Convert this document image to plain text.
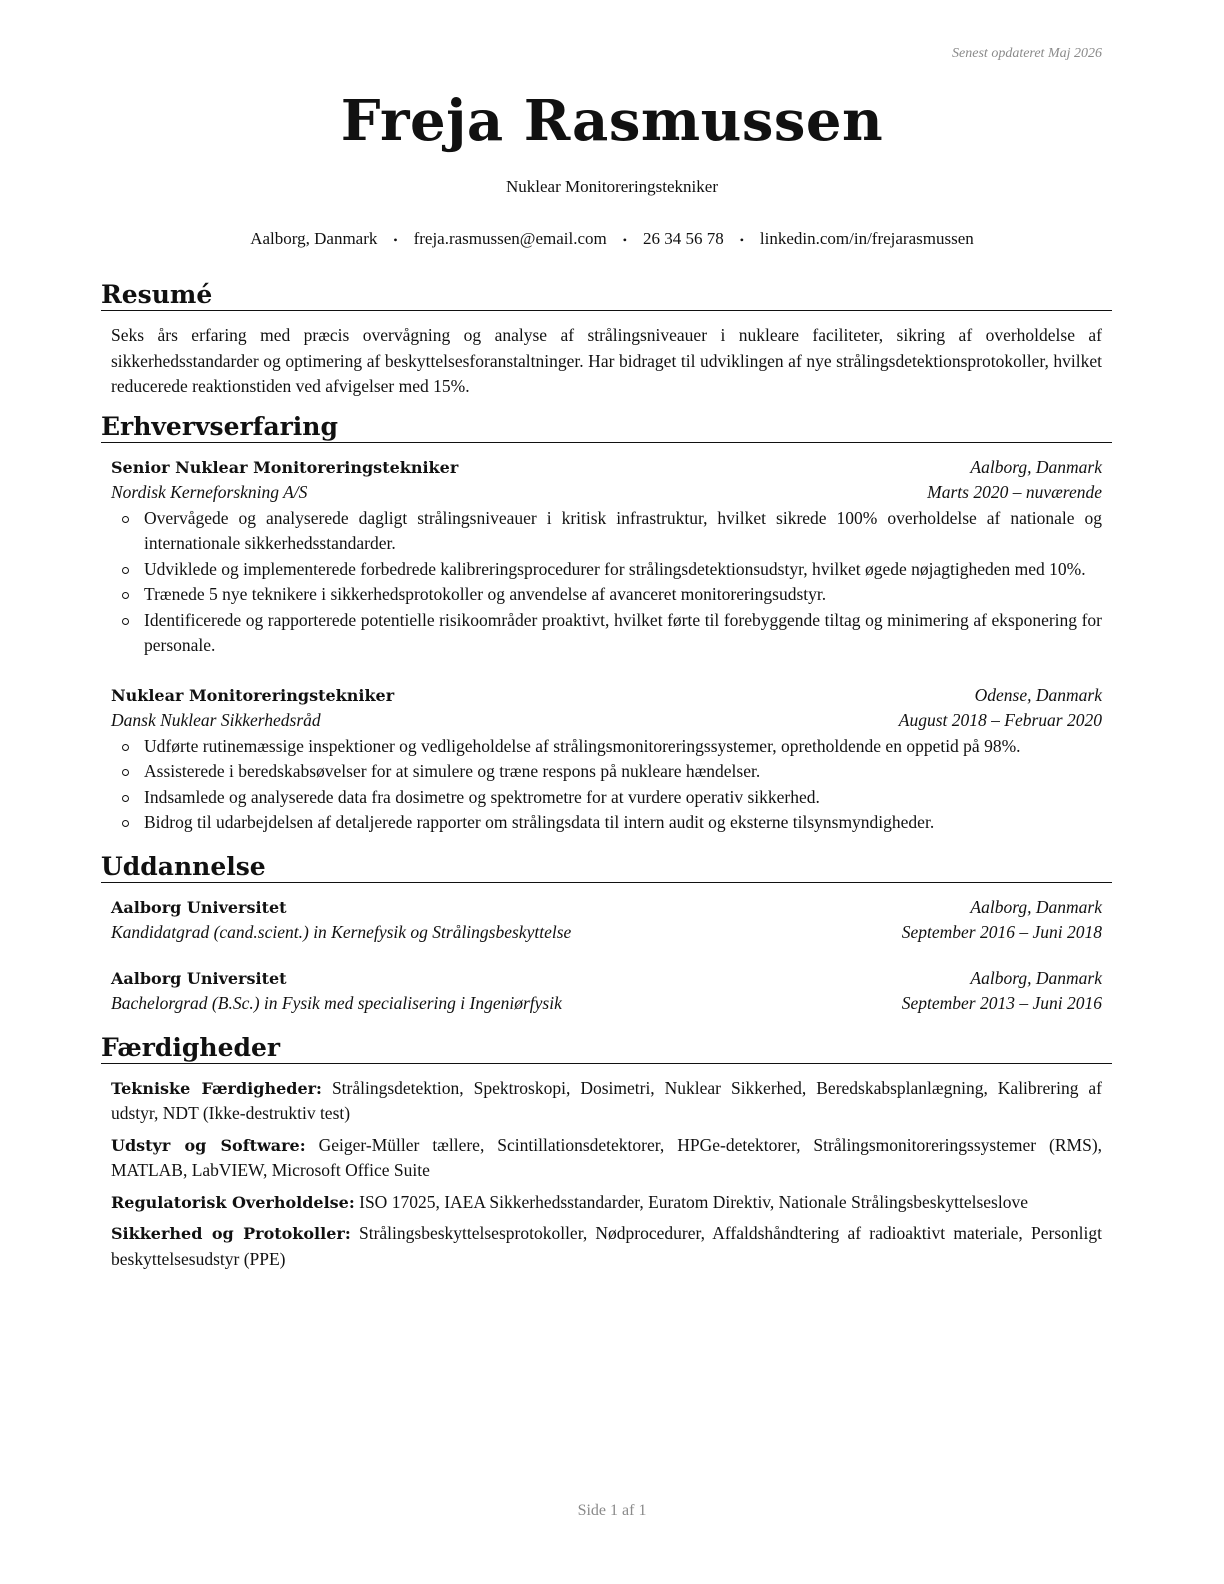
Senest opdateret Maj 2026
Freja Rasmussen
Nuklear Monitoreringstekniker
Aalborg, Danmark • freja.rasmussen@email.com • 26 34 56 78 • linkedin.com/in/frejarasmussen
Resumé

Seks års erfaring med præcis overvågning og analyse af strålingsniveauer i nukleare faciliteter, sikring af overholdelse af sikkerhedsstandarder og optimering af beskyttelsesforanstaltninger. Har bidraget til udviklingen af nye strålingsdetektionsprotokoller, hvilket reducerede reaktionstiden ved afvigelser med 15%.

Erhvervserfaring
Senior Nuklear Monitoreringstekniker	Aalborg, Danmark
Nordisk Kerneforskning A/S	Marts 2020 – nuværende
Overvågede og analyserede dagligt strålingsniveauer i kritisk infrastruktur, hvilket sikrede 100% overholdelse af nationale og internationale sikkerhedsstandarder.
Udviklede og implementerede forbedrede kalibreringsprocedurer for strålingsdetektionsudstyr, hvilket øgede nøjagtigheden med 10%.
Trænede 5 nye teknikere i sikkerhedsprotokoller og anvendelse af avanceret monitoreringsudstyr.
Identificerede og rapporterede potentielle risikoområder proaktivt, hvilket førte til forebyggende tiltag og minimering af eksponering for personale.
Nuklear Monitoreringstekniker	Odense, Danmark
Dansk Nuklear Sikkerhedsråd	August 2018 – Februar 2020
Udførte rutinemæssige inspektioner og vedligeholdelse af strålingsmonitoreringssystemer, opretholdende en oppetid på 98%.
Assisterede i beredskabsøvelser for at simulere og træne respons på nukleare hændelser.
Indsamlede og analyserede data fra dosimetre og spektrometre for at vurdere operativ sikkerhed.
Bidrog til udarbejdelsen af detaljerede rapporter om strålingsdata til intern audit og eksterne tilsynsmyndigheder.
Uddannelse
Aalborg Universitet	Aalborg, Danmark
Kandidatgrad (cand.scient.) in Kernefysik og Strålingsbeskyttelse	September 2016 – Juni 2018
Aalborg Universitet	Aalborg, Danmark
Bachelorgrad (B.Sc.) in Fysik med specialisering i Ingeniørfysik	September 2013 – Juni 2016
Færdigheder

Tekniske Færdigheder: Strålingsdetektion, Spektroskopi, Dosimetri, Nuklear Sikkerhed, Beredskabsplanlægning, Kalibrering af udstyr, NDT (Ikke-destruktiv test)

Udstyr og Software: Geiger-Müller tællere, Scintillationsdetektorer, HPGe-detektorer, Strålingsmonitoreringssystemer (RMS), MATLAB, LabVIEW, Microsoft Office Suite

Regulatorisk Overholdelse: ISO 17025, IAEA Sikkerhedsstandarder, Euratom Direktiv, Nationale Strålingsbeskyttelseslove

Sikkerhed og Protokoller: Strålingsbeskyttelsesprotokoller, Nødprocedurer, Affaldshåndtering af radioaktivt materiale, Personligt beskyttelsesudstyr (PPE)

Side 1 af 1
